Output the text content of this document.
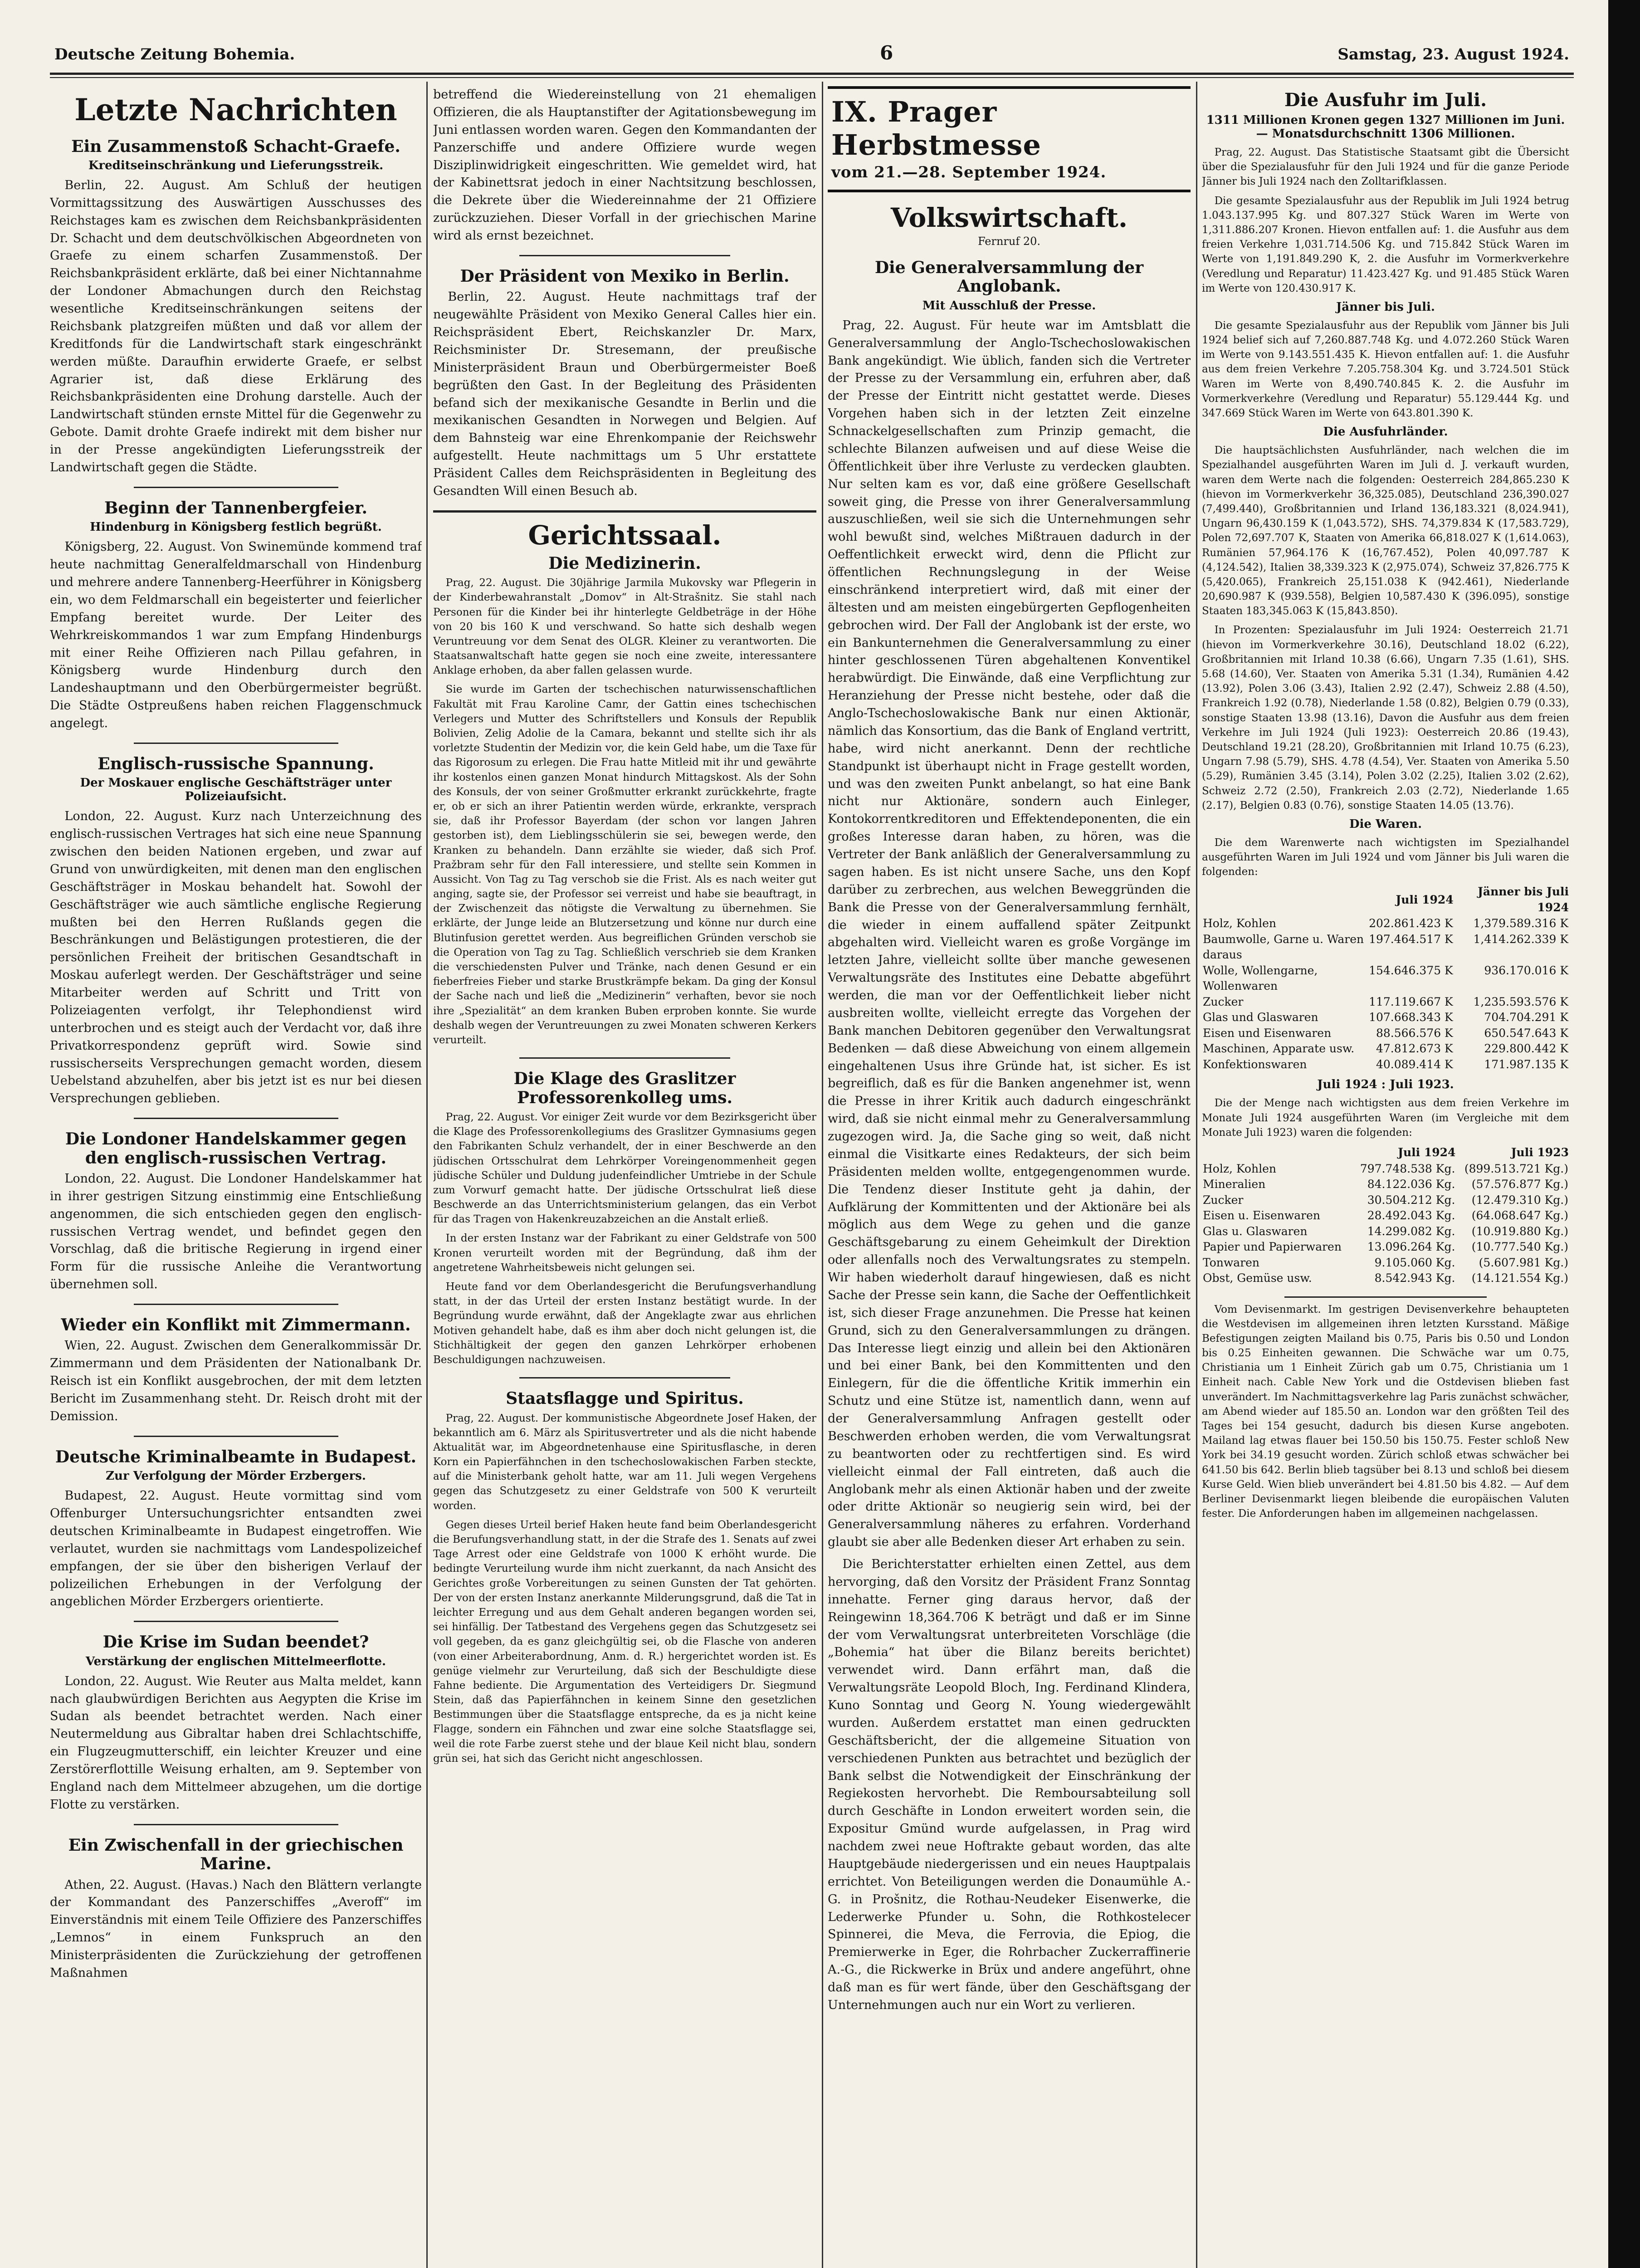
Deutsche Zeitung Bohemia.	6	Samstag, 23. August 1924.
Letzte Nachrichten
Ein Zusammenstoß Schacht-Graefe.
Kreditseinschränkung und Lieferungsstreik.

Berlin, 22. August. Am Schluß der heutigen Vormittagssitzung des Auswärtigen Ausschusses des Reichstages kam es zwischen dem Reichsbankpräsidenten Dr. Schacht und dem deutschvölkischen Abgeordneten von Graefe zu einem scharfen Zusammenstoß. Der Reichsbankpräsident erklärte, daß bei einer Nichtannahme der Londoner Abmachungen durch den Reichstag wesentliche Kreditseinschränkungen seitens der Reichsbank platzgreifen müßten und daß vor allem der Kreditfonds für die Landwirtschaft stark eingeschränkt werden müßte. Daraufhin erwiderte Graefe, er selbst Agrarier ist, daß diese Erklärung des Reichsbankpräsidenten eine Drohung darstelle. Auch der Landwirtschaft stünden ernste Mittel für die Gegenwehr zu Gebote. Damit drohte Graefe indirekt mit dem bisher nur in der Presse angekündigten Lieferungsstreik der Landwirtschaft gegen die Städte.

Beginn der Tannenbergfeier.
Hindenburg in Königsberg festlich begrüßt.

Königsberg, 22. August. Von Swinemünde kommend traf heute nachmittag Generalfeldmarschall von Hindenburg und mehrere andere Tannenberg-Heerführer in Königsberg ein, wo dem Feldmarschall ein begeisterter und feierlicher Empfang bereitet wurde. Der Leiter des Wehrkreiskommandos 1 war zum Empfang Hindenburgs mit einer Reihe Offizieren nach Pillau gefahren, in Königsberg wurde Hindenburg durch den Landeshauptmann und den Oberbürgermeister begrüßt. Die Städte Ostpreußens haben reichen Flaggenschmuck angelegt.

Englisch-russische Spannung.
Der Moskauer englische Geschäftsträger unter Polizeiaufsicht.

London, 22. August. Kurz nach Unterzeichnung des englisch-russischen Vertrages hat sich eine neue Spannung zwischen den beiden Nationen ergeben, und zwar auf Grund von unwürdigkeiten, mit denen man den englischen Geschäftsträger in Moskau behandelt hat. Sowohl der Geschäftsträger wie auch sämtliche englische Regierung mußten bei den Herren Rußlands gegen die Beschränkungen und Belästigungen protestieren, die der persönlichen Freiheit der britischen Gesandtschaft in Moskau auferlegt werden. Der Geschäftsträger und seine Mitarbeiter werden auf Schritt und Tritt von Polizeiagenten verfolgt, ihr Telephondienst wird unterbrochen und es steigt auch der Verdacht vor, daß ihre Privatkorrespondenz geprüft wird. Sowie sind russischerseits Versprechungen gemacht worden, diesem Uebelstand abzuhelfen, aber bis jetzt ist es nur bei diesen Versprechungen geblieben.

Die Londoner Handelskammer gegen den englisch-russischen Vertrag.

London, 22. August. Die Londoner Handelskammer hat in ihrer gestrigen Sitzung einstimmig eine Entschließung angenommen, die sich entschieden gegen den englisch-russischen Vertrag wendet, und befindet gegen den Vorschlag, daß die britische Regierung in irgend einer Form für die russische Anleihe die Verantwortung übernehmen soll.

Wieder ein Konflikt mit Zimmermann.

Wien, 22. August. Zwischen dem Generalkommissär Dr. Zimmermann und dem Präsidenten der Nationalbank Dr. Reisch ist ein Konflikt ausgebrochen, der mit dem letzten Bericht im Zusammenhang steht. Dr. Reisch droht mit der Demission.

Deutsche Kriminalbeamte in Budapest.
Zur Verfolgung der Mörder Erzbergers.

Budapest, 22. August. Heute vormittag sind vom Offenburger Untersuchungsrichter entsandten zwei deutschen Kriminalbeamte in Budapest eingetroffen. Wie verlautet, wurden sie nachmittags vom Landespolizeichef empfangen, der sie über den bisherigen Verlauf der polizeilichen Erhebungen in der Verfolgung der angeblichen Mörder Erzbergers orientierte.

Die Krise im Sudan beendet?
Verstärkung der englischen Mittelmeerflotte.

London, 22. August. Wie Reuter aus Malta meldet, kann nach glaubwürdigen Berichten aus Aegypten die Krise im Sudan als beendet betrachtet werden. Nach einer Neutermeldung aus Gibraltar haben drei Schlachtschiffe, ein Flugzeugmutterschiff, ein leichter Kreuzer und eine Zerstörerflottille Weisung erhalten, am 9. September von England nach dem Mittelmeer abzugehen, um die dortige Flotte zu verstärken.

Ein Zwischenfall in der griechischen Marine.

Athen, 22. August. (Havas.) Nach den Blättern verlangte der Kommandant des Panzerschiffes „Averoff“ im Einverständnis mit einem Teile Offiziere des Panzerschiffes „Lemnos“ in einem Funkspruch an den Ministerpräsidenten die Zurückziehung der getroffenen Maßnahmen

betreffend die Wiedereinstellung von 21 ehemaligen Offizieren, die als Hauptanstifter der Agitationsbewegung im Juni entlassen worden waren. Gegen den Kommandanten der Panzerschiffe und andere Offiziere wurde wegen Disziplinwidrigkeit eingeschritten. Wie gemeldet wird, hat der Kabinettsrat jedoch in einer Nachtsitzung beschlossen, die Dekrete über die Wiedereinnahme der 21 Offiziere zurückzuziehen. Dieser Vorfall in der griechischen Marine wird als ernst bezeichnet.

Der Präsident von Mexiko in Berlin.

Berlin, 22. August. Heute nachmittags traf der neugewählte Präsident von Mexiko General Calles hier ein. Reichspräsident Ebert, Reichskanzler Dr. Marx, Reichsminister Dr. Stresemann, der preußische Ministerpräsident Braun und Oberbürgermeister Boeß begrüßten den Gast. In der Begleitung des Präsidenten befand sich der mexikanische Gesandte in Berlin und die mexikanischen Gesandten in Norwegen und Belgien. Auf dem Bahnsteig war eine Ehrenkompanie der Reichswehr aufgestellt. Heute nachmittags um 5 Uhr erstattete Präsident Calles dem Reichspräsidenten in Begleitung des Gesandten Will einen Besuch ab.

Gerichtssaal.
Die Medizinerin.

Prag, 22. August. Die 30jährige Jarmila Mukovsky war Pflegerin in der Kinderbewahranstalt „Domov“ in Alt-Strašnitz. Sie stahl nach Personen für die Kinder bei ihr hinterlegte Geldbeträge in der Höhe von 20 bis 160 K und verschwand. So hatte sich deshalb wegen Veruntreuung vor dem Senat des OLGR. Kleiner zu verantworten. Die Staatsanwaltschaft hatte gegen sie noch eine zweite, interessantere Anklage erhoben, da aber fallen gelassen wurde.

Sie wurde im Garten der tschechischen naturwissenschaftlichen Fakultät mit Frau Karoline Camr, der Gattin eines tschechischen Verlegers und Mutter des Schriftstellers und Konsuls der Republik Bolivien, Zelig Adolie de la Camara, bekannt und stellte sich ihr als vorletzte Studentin der Medizin vor, die kein Geld habe, um die Taxe für das Rigorosum zu erlegen. Die Frau hatte Mitleid mit ihr und gewährte ihr kostenlos einen ganzen Monat hindurch Mittagskost. Als der Sohn des Konsuls, der von seiner Großmutter erkrankt zurückkehrte, fragte er, ob er sich an ihrer Patientin werden würde, erkrankte, versprach sie, daß ihr Professor Bayerdam (der schon vor langen Jahren gestorben ist), dem Lieblingsschülerin sie sei, bewegen werde, den Kranken zu behandeln. Dann erzählte sie wieder, daß sich Prof. Pražbram sehr für den Fall interessiere, und stellte sein Kommen in Aussicht. Von Tag zu Tag verschob sie die Frist. Als es nach weiter gut anging, sagte sie, der Professor sei verreist und habe sie beauftragt, in der Zwischenzeit das nötigste die Verwaltung zu übernehmen. Sie erklärte, der Junge leide an Blutzersetzung und könne nur durch eine Blutinfusion gerettet werden. Aus begreiflichen Gründen verschob sie die Operation von Tag zu Tag. Schließlich verschrieb sie dem Kranken die verschiedensten Pulver und Tränke, nach denen Gesund er ein fieberfreies Fieber und starke Brustkrämpfe bekam. Da ging der Konsul der Sache nach und ließ die „Medizinerin“ verhaften, bevor sie noch ihre „Spezialität“ an dem kranken Buben erproben konnte. Sie wurde deshalb wegen der Veruntreuungen zu zwei Monaten schweren Kerkers verurteilt.

Die Klage des Graslitzer Professorenkolleg ums.

Prag, 22. August. Vor einiger Zeit wurde vor dem Bezirksgericht über die Klage des Professorenkollegiums des Graslitzer Gymnasiums gegen den Fabrikanten Schulz verhandelt, der in einer Beschwerde an den jüdischen Ortsschulrat dem Lehrkörper Voreingenommenheit gegen jüdische Schüler und Duldung judenfeindlicher Umtriebe in der Schule zum Vorwurf gemacht hatte. Der jüdische Ortsschulrat ließ diese Beschwerde an das Unterrichtsministerium gelangen, das ein Verbot für das Tragen von Hakenkreuzabzeichen an die Anstalt erließ.

In der ersten Instanz war der Fabrikant zu einer Geldstrafe von 500 Kronen verurteilt worden mit der Begründung, daß ihm der angetretene Wahrheitsbeweis nicht gelungen sei.

Heute fand vor dem Oberlandesgericht die Berufungsverhandlung statt, in der das Urteil der ersten Instanz bestätigt wurde. In der Begründung wurde erwähnt, daß der Angeklagte zwar aus ehrlichen Motiven gehandelt habe, daß es ihm aber doch nicht gelungen ist, die Stichhältigkeit der gegen den ganzen Lehrkörper erhobenen Beschuldigungen nachzuweisen.

Staatsflagge und Spiritus.

Prag, 22. August. Der kommunistische Abgeordnete Josef Haken, der bekanntlich am 6. März als Spiritusvertreter und als die nicht habende Aktualität war, im Abgeordnetenhause eine Spiritusflasche, in deren Korn ein Papierfähnchen in den tschechoslowakischen Farben steckte, auf die Ministerbank geholt hatte, war am 11. Juli wegen Vergehens gegen das Schutzgesetz zu einer Geldstrafe von 500 K verurteilt worden.

Gegen dieses Urteil berief Haken heute fand beim Oberlandesgericht die Berufungsverhandlung statt, in der die Strafe des 1. Senats auf zwei Tage Arrest oder eine Geldstrafe von 1000 K erhöht wurde. Die bedingte Verurteilung wurde ihm nicht zuerkannt, da nach Ansicht des Gerichtes große Vorbereitungen zu seinen Gunsten der Tat gehörten. Der von der ersten Instanz anerkannte Milderungsgrund, daß die Tat in leichter Erregung und aus dem Gehalt anderen begangen worden sei, sei hinfällig. Der Tatbestand des Vergehens gegen das Schutzgesetz sei voll gegeben, da es ganz gleichgültig sei, ob die Flasche von anderen (von einer Arbeiterabordnung, Anm. d. R.) hergerichtet worden ist. Es genüge vielmehr zur Verurteilung, daß sich der Beschuldigte diese Fahne bediente. Die Argumentation des Verteidigers Dr. Siegmund Stein, daß das Papierfähnchen in keinem Sinne den gesetzlichen Bestimmungen über die Staatsflagge entspreche, da es ja nicht keine Flagge, sondern ein Fähnchen und zwar eine solche Staatsflagge sei, weil die rote Farbe zuerst stehe und der blaue Keil nicht blau, sondern grün sei, hat sich das Gericht nicht angeschlossen.

IX. Prager Herbstmesse
vom 21.—28. September 1924.
Volkswirtschaft.
Fernruf 20.
Die Generalversammlung der Anglobank.
Mit Ausschluß der Presse.

Prag, 22. August. Für heute war im Amtsblatt die Generalversammlung der Anglo-Tschechoslowakischen Bank angekündigt. Wie üblich, fanden sich die Vertreter der Presse zu der Versammlung ein, erfuhren aber, daß der Presse der Eintritt nicht gestattet werde. Dieses Vorgehen haben sich in der letzten Zeit einzelne Schnackelgesellschaften zum Prinzip gemacht, die schlechte Bilanzen aufweisen und auf diese Weise die Öffentlichkeit über ihre Verluste zu verdecken glaubten. Nur selten kam es vor, daß eine größere Gesellschaft soweit ging, die Presse von ihrer Generalversammlung auszuschließen, weil sie sich die Unternehmungen sehr wohl bewußt sind, welches Mißtrauen dadurch in der Oeffentlichkeit erweckt wird, denn die Pflicht zur öffentlichen Rechnungslegung in der Weise einschränkend interpretiert wird, daß mit einer der ältesten und am meisten eingebürgerten Gepflogenheiten gebrochen wird. Der Fall der Anglobank ist der erste, wo ein Bankunternehmen die Generalversammlung zu einer hinter geschlossenen Türen abgehaltenen Konventikel herabwürdigt. Die Einwände, daß eine Verpflichtung zur Heranziehung der Presse nicht bestehe, oder daß die Anglo-Tschechoslowakische Bank nur einen Aktionär, nämlich das Konsortium, das die Bank of England vertritt, habe, wird nicht anerkannt. Denn der rechtliche Standpunkt ist überhaupt nicht in Frage gestellt worden, und was den zweiten Punkt anbelangt, so hat eine Bank nicht nur Aktionäre, sondern auch Einleger, Kontokorrentkreditoren und Effektendeponenten, die ein großes Interesse daran haben, zu hören, was die Vertreter der Bank anläßlich der Generalversammlung zu sagen haben. Es ist nicht unsere Sache, uns den Kopf darüber zu zerbrechen, aus welchen Beweggründen die Bank die Presse von der Generalversammlung fernhält, die wieder in einem auffallend später Zeitpunkt abgehalten wird. Vielleicht waren es große Vorgänge im letzten Jahre, vielleicht sollte über manche gewesenen Verwaltungsräte des Institutes eine Debatte abgeführt werden, die man vor der Oeffentlichkeit lieber nicht ausbreiten wollte, vielleicht erregte das Vorgehen der Bank manchen Debitoren gegenüber den Verwaltungsrat Bedenken — daß diese Abweichung von einem allgemein eingehaltenen Usus ihre Gründe hat, ist sicher. Es ist begreiflich, daß es für die Banken angenehmer ist, wenn die Presse in ihrer Kritik auch dadurch eingeschränkt wird, daß sie nicht einmal mehr zu Generalversammlung zugezogen wird. Ja, die Sache ging so weit, daß nicht einmal die Visitkarte eines Redakteurs, der sich beim Präsidenten melden wollte, entgegengenommen wurde. Die Tendenz dieser Institute geht ja dahin, der Aufklärung der Kommittenten und der Aktionäre bei als möglich aus dem Wege zu gehen und die ganze Geschäftsgebarung zu einem Geheimkult der Direktion oder allenfalls noch des Verwaltungsrates zu stempeln. Wir haben wiederholt darauf hingewiesen, daß es nicht Sache der Presse sein kann, die Sache der Oeffentlichkeit ist, sich dieser Frage anzunehmen. Die Presse hat keinen Grund, sich zu den Generalversammlungen zu drängen. Das Interesse liegt einzig und allein bei den Aktionären und bei einer Bank, bei den Kommittenten und den Einlegern, für die die öffentliche Kritik immerhin ein Schutz und eine Stütze ist, namentlich dann, wenn auf der Generalversammlung Anfragen gestellt oder Beschwerden erhoben werden, die vom Verwaltungsrat zu beantworten oder zu rechtfertigen sind. Es wird vielleicht einmal der Fall eintreten, daß auch die Anglobank mehr als einen Aktionär haben und der zweite oder dritte Aktionär so neugierig sein wird, bei der Generalversammlung näheres zu erfahren. Vorderhand glaubt sie aber alle Bedenken dieser Art erhaben zu sein.

Die Berichterstatter erhielten einen Zettel, aus dem hervorging, daß den Vorsitz der Präsident Franz Sonntag innehatte. Ferner ging daraus hervor, daß der Reingewinn 18,364.706 K beträgt und daß er im Sinne der vom Verwaltungsrat unterbreiteten Vorschläge (die „Bohemia“ hat über die Bilanz bereits berichtet) verwendet wird. Dann erfährt man, daß die Verwaltungsräte Leopold Bloch, Ing. Ferdinand Klindera, Kuno Sonntag und Georg N. Young wiedergewählt wurden. Außerdem erstattet man einen gedruckten Geschäftsbericht, der die allgemeine Situation von verschiedenen Punkten aus betrachtet und bezüglich der Bank selbst die Notwendigkeit der Einschränkung der Regiekosten hervorhebt. Die Remboursabteilung soll durch Geschäfte in London erweitert worden sein, die Expositur Gmünd wurde aufgelassen, in Prag wird nachdem zwei neue Hoftrakte gebaut worden, das alte Hauptgebäude niedergerissen und ein neues Hauptpalais errichtet. Von Beteiligungen werden die Donaumühle A.-G. in Prošnitz, die Rothau-Neudeker Eisenwerke, die Lederwerke Pfunder u. Sohn, die Rothkostelecer Spinnerei, die Meva, die Ferrovia, die Epiog, die Premierwerke in Eger, die Rohrbacher Zuckerraffinerie A.-G., die Rickwerke in Brüx und andere angeführt, ohne daß man es für wert fände, über den Geschäftsgang der Unternehmungen auch nur ein Wort zu verlieren.

Die Ausfuhr im Juli.
1311 Millionen Kronen gegen 1327 Millionen im Juni. — Monatsdurchschnitt 1306 Millionen.

Prag, 22. August. Das Statistische Staatsamt gibt die Übersicht über die Spezialausfuhr für den Juli 1924 und für die ganze Periode Jänner bis Juli 1924 nach den Zolltarifklassen.

Die gesamte Spezialausfuhr aus der Republik im Juli 1924 betrug 1.043.137.995 Kg. und 807.327 Stück Waren im Werte von 1,311.886.207 Kronen. Hievon entfallen auf: 1. die Ausfuhr aus dem freien Verkehre 1,031.714.506 Kg. und 715.842 Stück Waren im Werte von 1,191.849.290 K, 2. die Ausfuhr im Vormerkverkehre (Veredlung und Reparatur) 11.423.427 Kg. und 91.485 Stück Waren im Werte von 120.430.917 K.

Jänner bis Juli.

Die gesamte Spezialausfuhr aus der Republik vom Jänner bis Juli 1924 belief sich auf 7,260.887.748 Kg. und 4.072.260 Stück Waren im Werte von 9.143.551.435 K. Hievon entfallen auf: 1. die Ausfuhr aus dem freien Verkehre 7.205.758.304 Kg. und 3.724.501 Stück Waren im Werte von 8,490.740.845 K. 2. die Ausfuhr im Vormerkverkehre (Veredlung und Reparatur) 55.129.444 Kg. und 347.669 Stück Waren im Werte von 643.801.390 K.

Die Ausfuhrländer.

Die hauptsächlichsten Ausfuhrländer, nach welchen die im Spezialhandel ausgeführten Waren im Juli d. J. verkauft wurden, waren dem Werte nach die folgenden: Oesterreich 284,865.230 K (hievon im Vormerkverkehr 36,325.085), Deutschland 236,390.027 (7,499.440), Großbritannien und Irland 136,183.321 (8,024.941), Ungarn 96,430.159 K (1,043.572), SHS. 74,379.834 K (17,583.729), Polen 72,697.707 K, Staaten von Amerika 66,818.027 K (1,614.063), Rumänien 57,964.176 K (16,767.452), Polen 40,097.787 K (4,124.542), Italien 38,339.323 K (2,975.074), Schweiz 37,826.775 K (5,420.065), Frankreich 25,151.038 K (942.461), Niederlande 20,690.987 K (939.558), Belgien 10,587.430 K (396.095), sonstige Staaten 183,345.063 K (15,843.850).

In Prozenten: Spezialausfuhr im Juli 1924: Oesterreich 21.71 (hievon im Vormerkverkehre 30.16), Deutschland 18.02 (6.22), Großbritannien mit Irland 10.38 (6.66), Ungarn 7.35 (1.61), SHS. 5.68 (14.60), Ver. Staaten von Amerika 5.31 (1.34), Rumänien 4.42 (13.92), Polen 3.06 (3.43), Italien 2.92 (2.47), Schweiz 2.88 (4.50), Frankreich 1.92 (0.78), Niederlande 1.58 (0.82), Belgien 0.79 (0.33), sonstige Staaten 13.98 (13.16), Davon die Ausfuhr aus dem freien Verkehre im Juli 1924 (Juli 1923): Oesterreich 20.86 (19.43), Deutschland 19.21 (28.20), Großbritannien mit Irland 10.75 (6.23), Ungarn 7.98 (5.79), SHS. 4.78 (4.54), Ver. Staaten von Amerika 5.50 (5.29), Rumänien 3.45 (3.14), Polen 3.02 (2.25), Italien 3.02 (2.62), Schweiz 2.72 (2.50), Frankreich 2.03 (2.72), Niederlande 1.65 (2.17), Belgien 0.83 (0.76), sonstige Staaten 14.05 (13.76).

Die Waren.

Die dem Warenwerte nach wichtigsten im Spezialhandel ausgeführten Waren im Juli 1924 und vom Jänner bis Juli waren die folgenden:

	Juli 1924	Jänner bis Juli 1924
Holz, Kohlen	202.861.423 K	1,379.589.316 K
Baumwolle, Garne u. Waren daraus	197.464.517 K	1,414.262.339 K
Wolle, Wollengarne, Wollenwaren	154.646.375 K	936.170.016 K
Zucker	117.119.667 K	1,235.593.576 K
Glas und Glaswaren	107.668.343 K	704.704.291 K
Eisen und Eisenwaren	88.566.576 K	650.547.643 K
Maschinen, Apparate usw.	47.812.673 K	229.800.442 K
Konfektionswaren	40.089.414 K	171.987.135 K
Juli 1924 : Juli 1923.

Die der Menge nach wichtigsten aus dem freien Verkehre im Monate Juli 1924 ausgeführten Waren (im Vergleiche mit dem Monate Juli 1923) waren die folgenden:

	Juli 1924	Juli 1923
Holz, Kohlen	797.748.538 Kg.	(899.513.721 Kg.)
Mineralien	84.122.036 Kg.	(57.576.877 Kg.)
Zucker	30.504.212 Kg.	(12.479.310 Kg.)
Eisen u. Eisenwaren	28.492.043 Kg.	(64.068.647 Kg.)
Glas u. Glaswaren	14.299.082 Kg.	(10.919.880 Kg.)
Papier und Papierwaren	13.096.264 Kg.	(10.777.540 Kg.)
Tonwaren	9.105.060 Kg.	(5.607.981 Kg.)
Obst, Gemüse usw.	8.542.943 Kg.	(14.121.554 Kg.)

Vom Devisenmarkt. Im gestrigen Devisenverkehre behaupteten die Westdevisen im allgemeinen ihren letzten Kursstand. Mäßige Befestigungen zeigten Mailand bis 0.75, Paris bis 0.50 und London bis 0.25 Einheiten gewannen. Die Schwäche war um 0.75, Christiania um 1 Einheit Zürich gab um 0.75, Christiania um 1 Einheit nach. Cable New York und die Ostdevisen blieben fast unverändert. Im Nachmittagsverkehre lag Paris zunächst schwächer, am Abend wieder auf 185.50 an. London war den größten Teil des Tages bei 154 gesucht, dadurch bis diesen Kurse angeboten. Mailand lag etwas flauer bei 150.50 bis 150.75. Fester schloß New York bei 34.19 gesucht worden. Zürich schloß etwas schwächer bei 641.50 bis 642. Berlin blieb tagsüber bei 8.13 und schloß bei diesem Kurse Geld. Wien blieb unverändert bei 4.81.50 bis 4.82. — Auf dem Berliner Devisenmarkt liegen bleibende die europäischen Valuten fester. Die Anforderungen haben im allgemeinen nachgelassen.
